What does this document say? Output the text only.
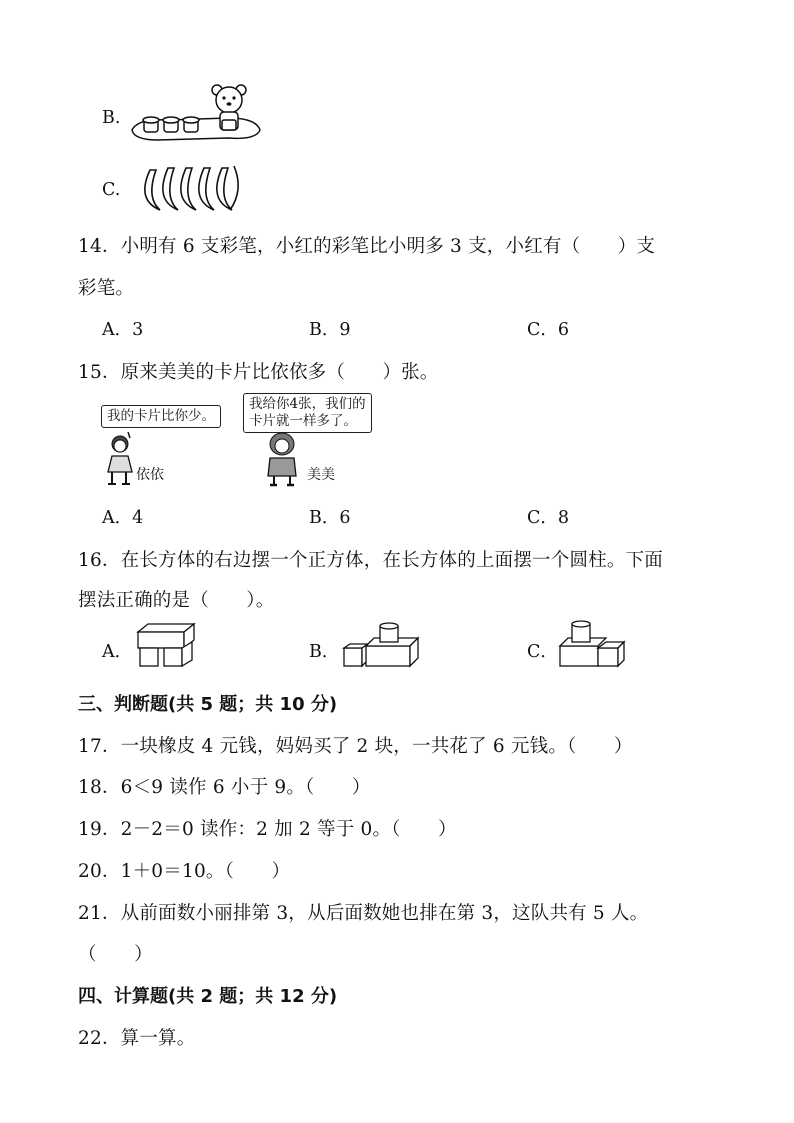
B.
C.
14．小明有 6 支彩笔，小红的彩笔比小明多 3 支，小红有（　　）支
彩笔。
A．3	B．9	C．6
15．原来美美的卡片比依依多（　　）张。
我的卡片比你少。
我给你4张，我们的
卡片就一样多了。
依依	美美
A．4	B．6	C．8
16．在长方体的右边摆一个正方体，在长方体的上面摆一个圆柱。下面
摆法正确的是（　　）。
A．	B．	C．
三、判断题(共 5 题；共 10 分)
17．一块橡皮 4 元钱，妈妈买了 2 块，一共花了 6 元钱。（　　）
18．6＜9 读作 6 小于 9。（　　）
19．2－2＝0 读作：2 加 2 等于 0。（　　）
20．1＋0＝10。（　　）
21．从前面数小丽排第 3，从后面数她也排在第 3，这队共有 5 人。
（　　）
四、计算题(共 2 题；共 12 分)
22．算一算。
